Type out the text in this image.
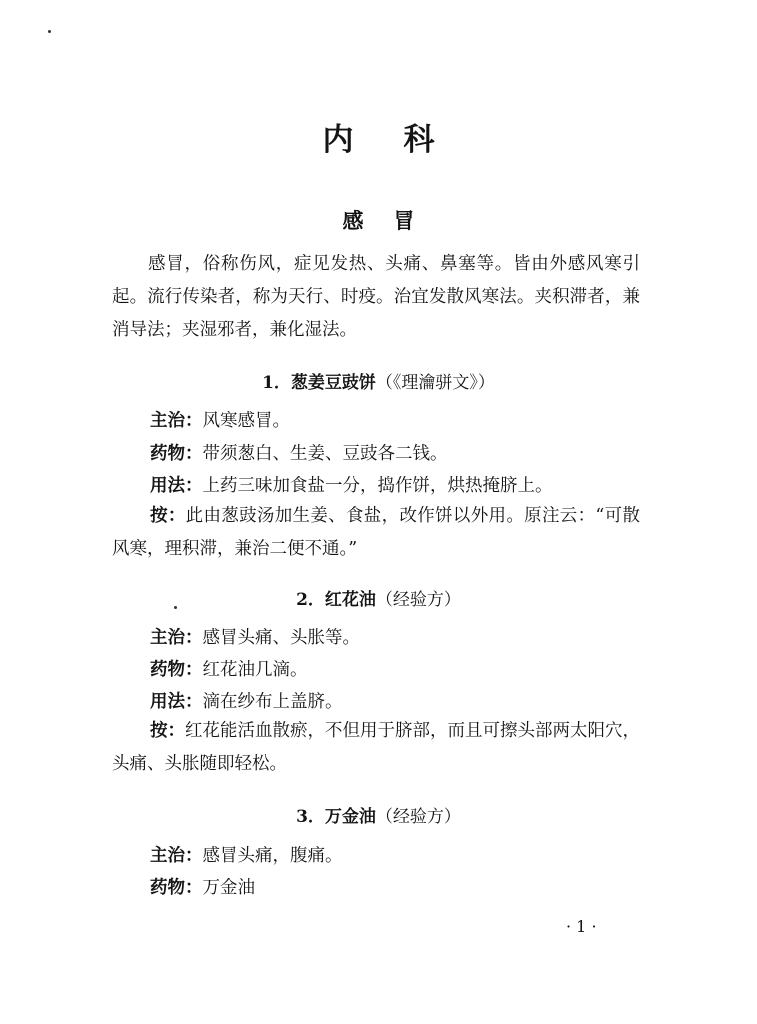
内 科
感 冒
感冒，俗称伤风，症见发热、头痛、鼻塞等。皆由外感风寒引起。流行传染者，称为天行、时疫。治宜发散风寒法。夹积滞者，兼消导法；夹湿邪者，兼化湿法。
1．葱姜豆豉饼（《理瀹骈文》）
主治：风寒感冒。
药物：带须葱白、生姜、豆豉各二钱。
用法：上药三味加食盐一分，捣作饼，烘热掩脐上。
按：此由葱豉汤加生姜、食盐，改作饼以外用。原注云：“可散风寒，理积滞，兼治二便不通。”
2．红花油（经验方）
主治：感冒头痛、头胀等。
药物：红花油几滴。
用法：滴在纱布上盖脐。
按：红花能活血散瘀，不但用于脐部，而且可擦头部两太阳穴，头痛、头胀随即轻松。
3．万金油（经验方）
主治：感冒头痛，腹痛。
药物：万金油
· 1 ·
